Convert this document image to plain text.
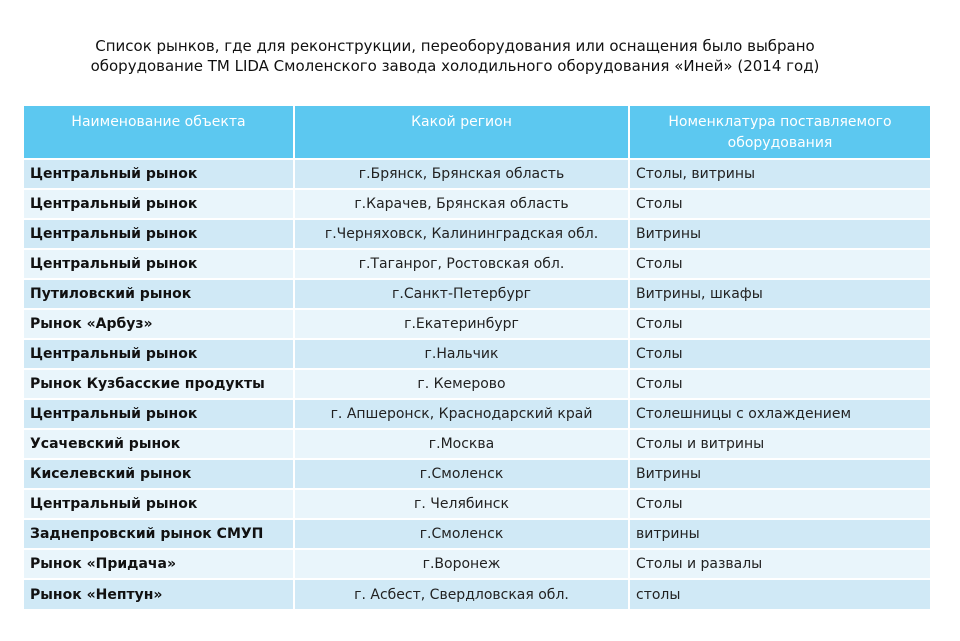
Список рынков, где для реконструкции, переоборудования или оснащения было выбрано оборудование ТМ LIDA Смоленского завода холодильного оборудования «Иней» (2014 год)
Наименование объекта	Какой регион	Номенклатура поставляемого оборудования
Центральный рынок	г.Брянск, Брянская область	Столы, витрины
Центральный рынок	г.Карачев, Брянская область	Столы
Центральный рынок	г.Черняховск, Калининградская обл.	Витрины
Центральный рынок	г.Таганрог, Ростовская обл.	Столы
Путиловский рынок	г.Санкт-Петербург	Витрины, шкафы
Рынок «Арбуз»	г.Екатеринбург	Столы
Центральный рынок	г.Нальчик	Столы
Рынок Кузбасские продукты	г. Кемерово	Столы
Центральный рынок	г. Апшеронск, Краснодарский край	Столешницы с охлаждением
Усачевский рынок	г.Москва	Столы и витрины
Киселевский рынок	г.Смоленск	Витрины
Центральный рынок	г. Челябинск	Столы
Заднепровский рынок СМУП	г.Смоленск	витрины
Рынок «Придача»	г.Воронеж	Столы и развалы
Рынок «Нептун»	г. Асбест, Свердловская обл.	столы
